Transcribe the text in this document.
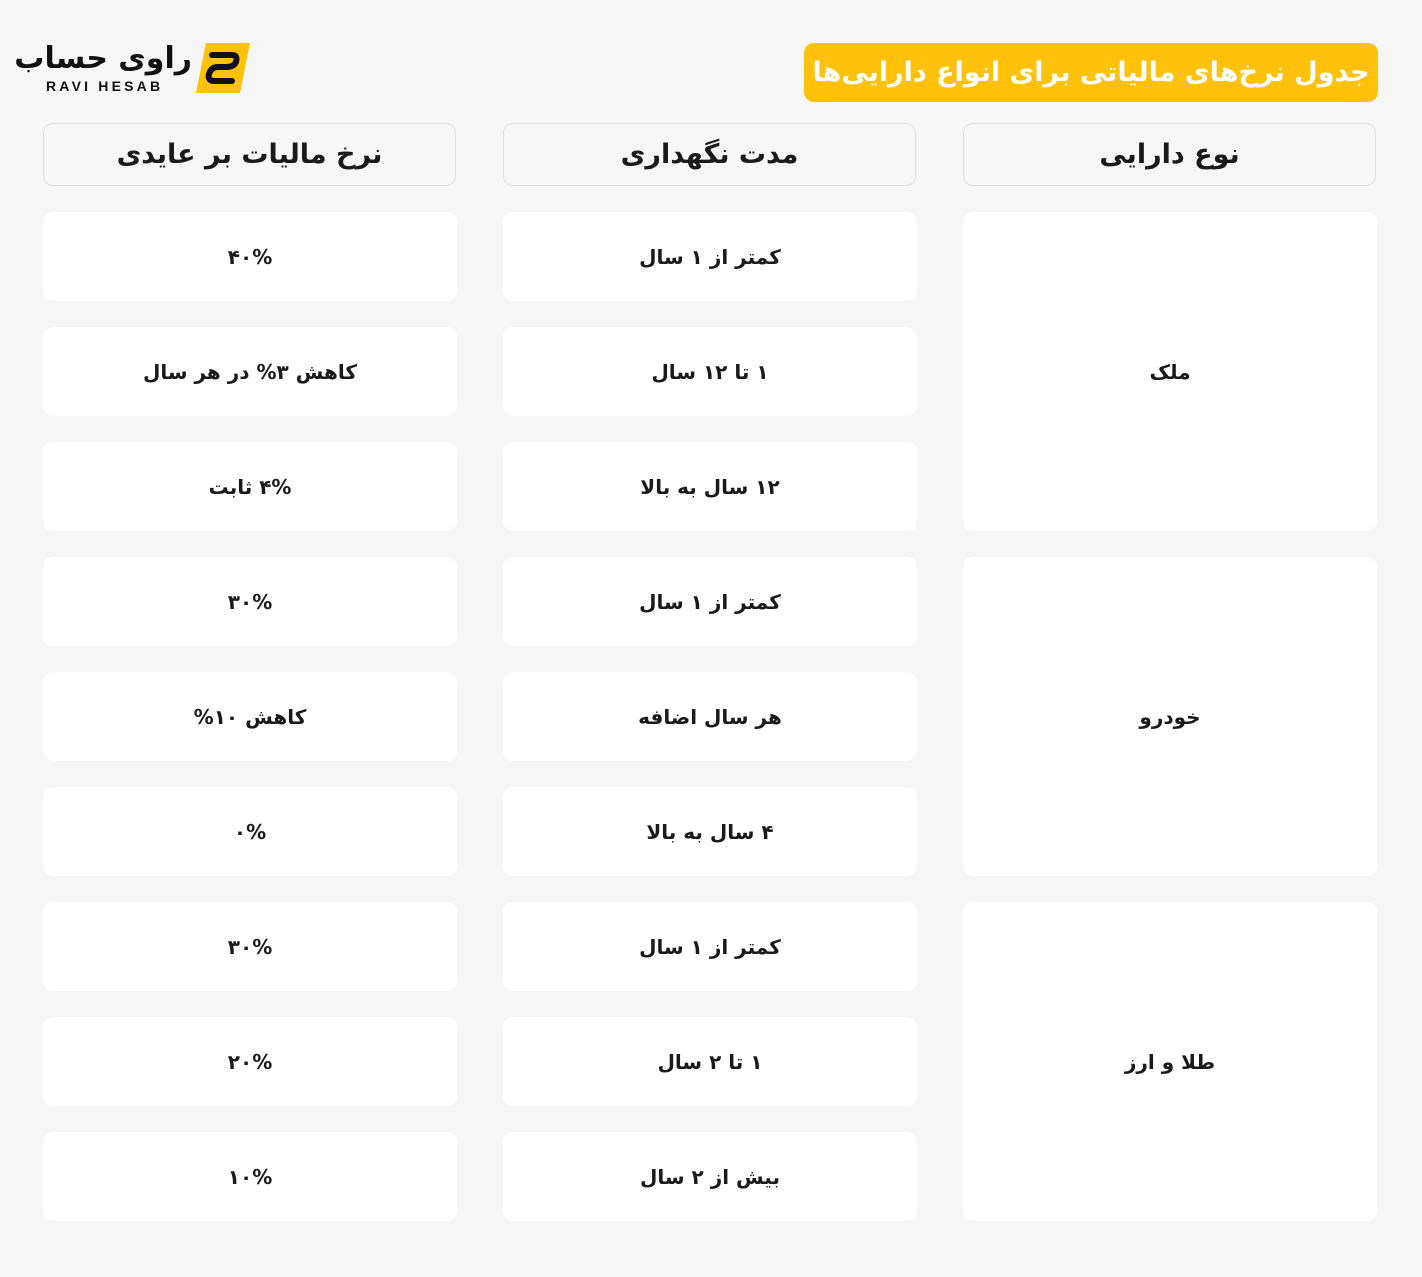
جدول نرخ‌های مالیاتی برای انواع دارایی‌ها
راوی حساب
RAVI HESAB
نوع دارایی
مدت نگهداری
نرخ مالیات بر عایدی
ملک
خودرو
طلا و ارز
کمتر از ۱ سال
۱ تا ۱۲ سال
۱۲ سال به بالا
کمتر از ۱ سال
هر سال اضافه
۴ سال به بالا
کمتر از ۱ سال
۱ تا ۲ سال
بیش از ۲ سال
۴۰%
کاهش ۳% در هر سال
۴% ثابت
۳۰%
کاهش ۱۰%
۰%
۳۰%
۲۰%
۱۰%
